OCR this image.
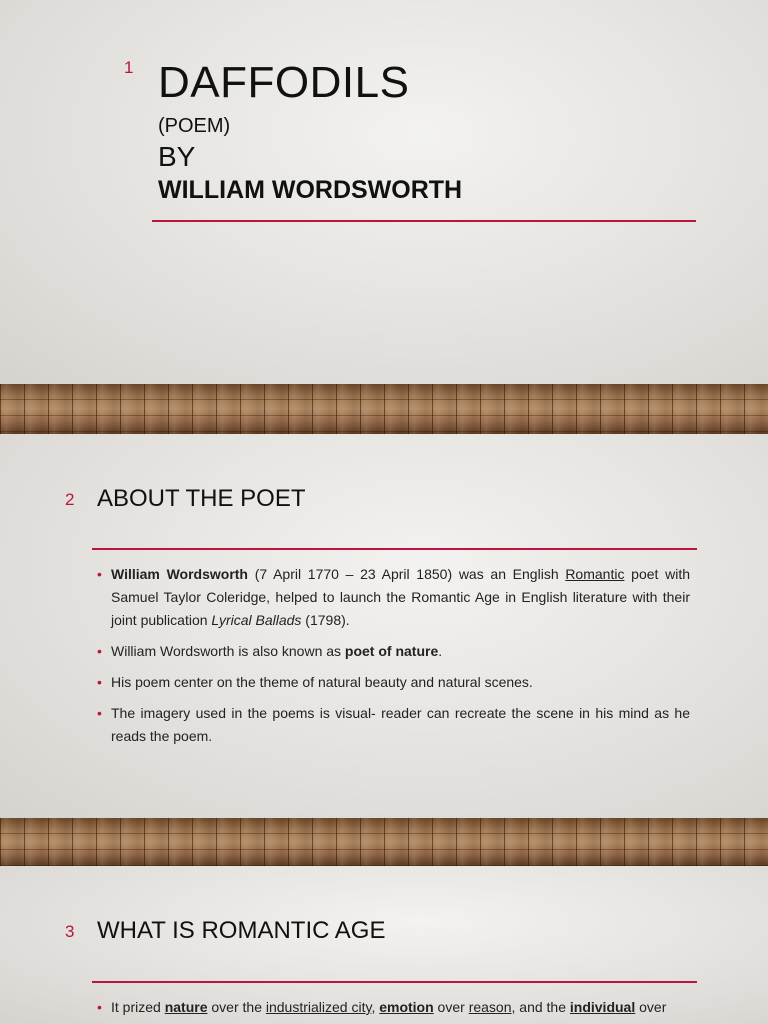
1 DAFFODILS
(POEM)
BY
WILLIAM WORDSWORTH
2 ABOUT THE POET
• William Wordsworth (7 April 1770 – 23 April 1850) was an English Romantic poet with Samuel Taylor Coleridge, helped to launch the Romantic Age in English literature with their joint publication Lyrical Ballads (1798).
• William Wordsworth is also known as poet of nature.
• His poem center on the theme of natural beauty and natural scenes.
• The imagery used in the poems is visual- reader can recreate the scene in his mind as he reads the poem.
3 WHAT IS ROMANTIC AGE
• It prized nature over the industrialized city, emotion over reason, and the individual over
